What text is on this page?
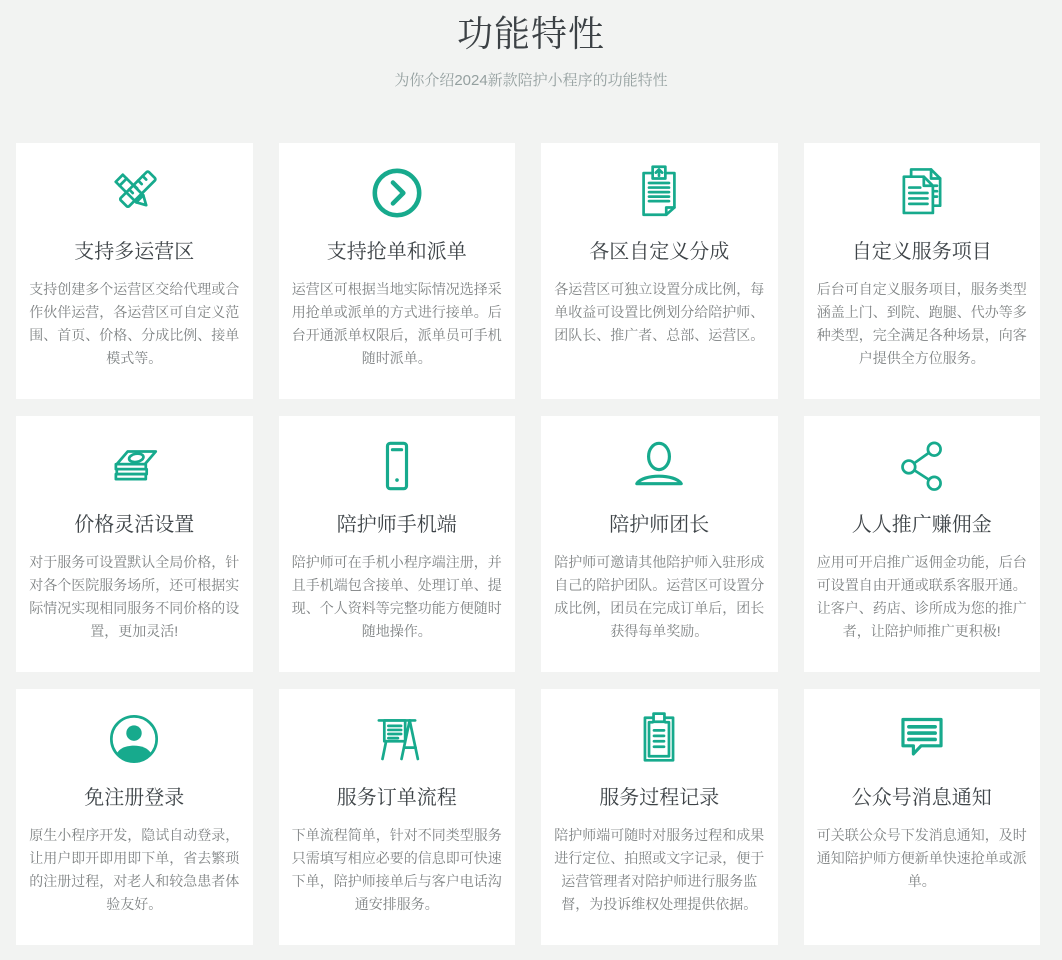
功能特性
为你介绍2024新款陪护小程序的功能特性
支持多运营区

支持创建多个运营区交给代理或合作伙伴运营，各运营区可自定义范围、首页、价格、分成比例、接单模式等。

支持抢单和派单

运营区可根据当地实际情况选择采用抢单或派单的方式进行接单。后台开通派单权限后，派单员可手机随时派单。

各区自定义分成

各运营区可独立设置分成比例，每单收益可设置比例划分给陪护师、团队长、推广者、总部、运营区。

自定义服务项目

后台可自定义服务项目，服务类型涵盖上门、到院、跑腿、代办等多种类型，完全满足各种场景，向客户提供全方位服务。

价格灵活设置

对于服务可设置默认全局价格，针对各个医院服务场所，还可根据实际情况实现相同服务不同价格的设置，更加灵活!

陪护师手机端

陪护师可在手机小程序端注册，并且手机端包含接单、处理订单、提现、个人资料等完整功能方便随时随地操作。

陪护师团长

陪护师可邀请其他陪护师入驻形成自己的陪护团队。运营区可设置分成比例，团员在完成订单后，团长获得每单奖励。

人人推广赚佣金

应用可开启推广返佣金功能，后台可设置自由开通或联系客服开通。让客户、药店、诊所成为您的推广者，让陪护师推广更积极!

免注册登录

原生小程序开发，隐试自动登录，让用户即开即用即下单，省去繁琐的注册过程，对老人和较急患者体验友好。

服务订单流程

下单流程简单，针对不同类型服务只需填写相应必要的信息即可快速下单，陪护师接单后与客户电话沟通安排服务。

服务过程记录

陪护师端可随时对服务过程和成果进行定位、拍照或文字记录，便于运营管理者对陪护师进行服务监督，为投诉维权处理提供依据。

公众号消息通知

可关联公众号下发消息通知，及时通知陪护师方便新单快速抢单或派单。
